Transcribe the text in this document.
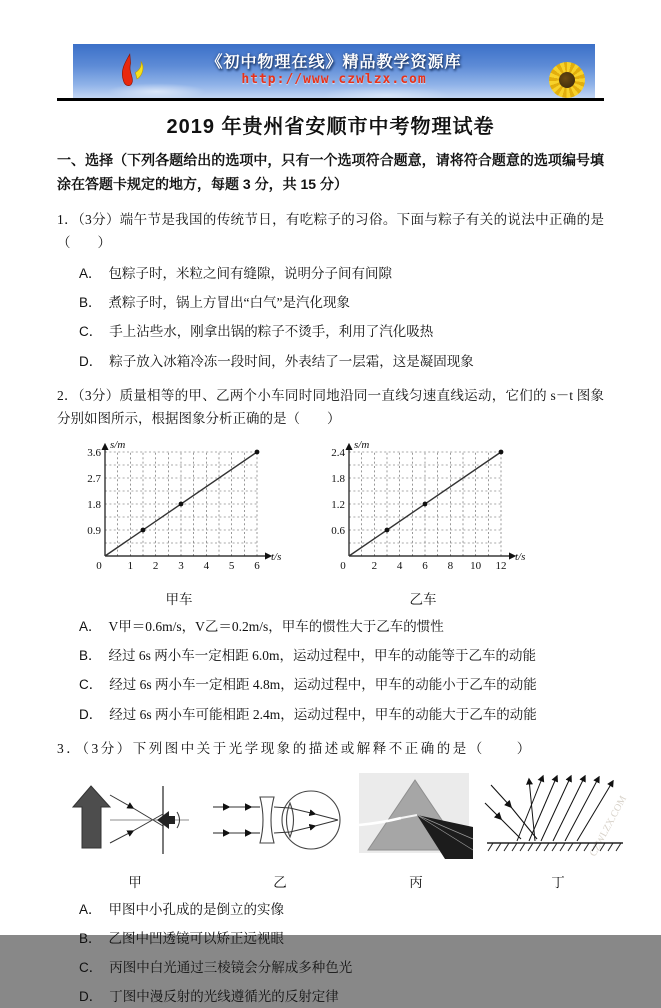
《初中物理在线》精品教学资源库
http://www.czwlzx.com
2019 年贵州省安顺市中考物理试卷

一、选择（下列各题给出的选项中，只有一个选项符合题意，请将符合题意的选项编号填涂在答题卡规定的地方，每题 3 分，共 15 分）

1．（3分）端午节是我国的传统节日，有吃粽子的习俗。下面与粽子有关的说法中正确的是（　　）
A． 包粽子时，米粒之间有缝隙，说明分子间有间隙
B． 煮粽子时，锅上方冒出“白气”是汽化现象
C． 手上沾些水，刚拿出锅的粽子不烫手，利用了汽化吸热
D． 粽子放入冰箱冷冻一段时间，外表结了一层霜，这是凝固现象
2．（3分）质量相等的甲、乙两个小车同时同地沿同一直线匀速直线运动，它们的 s－t 图象分别如图所示，根据图象分析正确的是（　　）
s/m
t/s
0 1 2 3 4 5 6
0.9
1.8
2.7
3.6
甲车
s/m
t/s
0 2 4 6 8 10 12
0.6
1.2
1.8
2.4
乙车
A． V甲＝0.6m/s，V乙＝0.2m/s，甲车的惯性大于乙车的惯性
B． 经过 6s 两小车一定相距 6.0m，运动过程中，甲车的动能等于乙车的动能
C． 经过 6s 两小车一定相距 4.8m，运动过程中，甲车的动能小于乙车的动能
D． 经过 6s 两小车可能相距 2.4m，运动过程中，甲车的动能大于乙车的动能
3．（3分）下列图中关于光学现象的描述或解释不正确的是（　　）
甲	乙	丙
CZWLZX.COM
丁
A． 甲图中小孔成的是倒立的实像
B． 乙图中凹透镜可以矫正远视眼
C． 丙图中白光通过三棱镜会分解成多种色光
D． 丁图中漫反射的光线遵循光的反射定律
